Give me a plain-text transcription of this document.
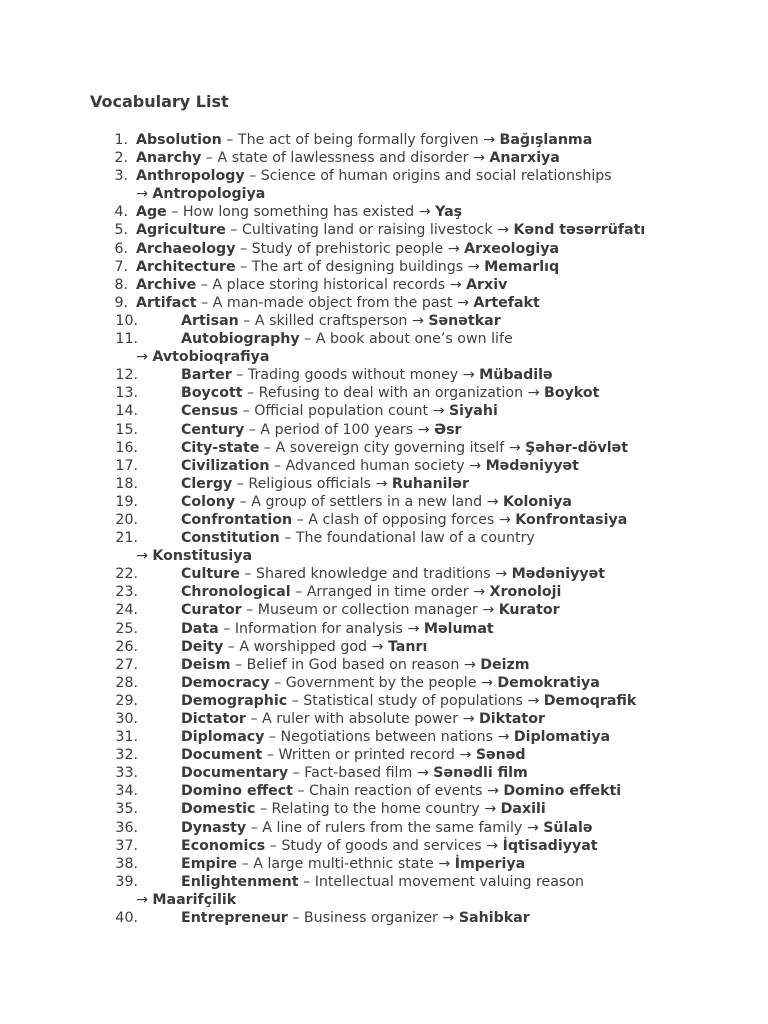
Vocabulary List
1. Absolution – The act of being formally forgiven → Bağışlanma
2. Anarchy – A state of lawlessness and disorder → Anarxiya
3. Anthropology – Science of human origins and social relationships
→ Antropologiya
4. Age – How long something has existed → Yaş
5. Agriculture – Cultivating land or raising livestock → Kənd təsərrüfatı
6. Archaeology – Study of prehistoric people → Arxeologiya
7. Architecture – The art of designing buildings → Memarlıq
8. Archive – A place storing historical records → Arxiv
9. Artifact – A man-made object from the past → Artefakt
10.	Artisan – A skilled craftsperson → Sənətkar
11.	Autobiography – A book about one’s own life
→ Avtobioqrafiya
12.	Barter – Trading goods without money → Mübadilə
13.	Boycott – Refusing to deal with an organization → Boykot
14.	Census – Official population count → Siyahi
15.	Century – A period of 100 years → Əsr
16.	City-state – A sovereign city governing itself → Şəhər-dövlət
17.	Civilization – Advanced human society → Mədəniyyət
18.	Clergy – Religious officials → Ruhanilər
19.	Colony – A group of settlers in a new land → Koloniya
20.	Confrontation – A clash of opposing forces → Konfrontasiya
21.	Constitution – The foundational law of a country
→ Konstitusiya
22.	Culture – Shared knowledge and traditions → Mədəniyyət
23.	Chronological – Arranged in time order → Xronoloji
24.	Curator – Museum or collection manager → Kurator
25.	Data – Information for analysis → Məlumat
26.	Deity – A worshipped god → Tanrı
27.	Deism – Belief in God based on reason → Deizm
28.	Democracy – Government by the people → Demokratiya
29.	Demographic – Statistical study of populations → Demoqrafik
30.	Dictator – A ruler with absolute power → Diktator
31.	Diplomacy – Negotiations between nations → Diplomatiya
32.	Document – Written or printed record → Sənəd
33.	Documentary – Fact-based film → Sənədli film
34.	Domino effect – Chain reaction of events → Domino effekti
35.	Domestic – Relating to the home country → Daxili
36.	Dynasty – A line of rulers from the same family → Sülalə
37.	Economics – Study of goods and services → İqtisadiyyat
38.	Empire – A large multi-ethnic state → İmperiya
39.	Enlightenment – Intellectual movement valuing reason
→ Maarifçilik
40.	Entrepreneur – Business organizer → Sahibkar
